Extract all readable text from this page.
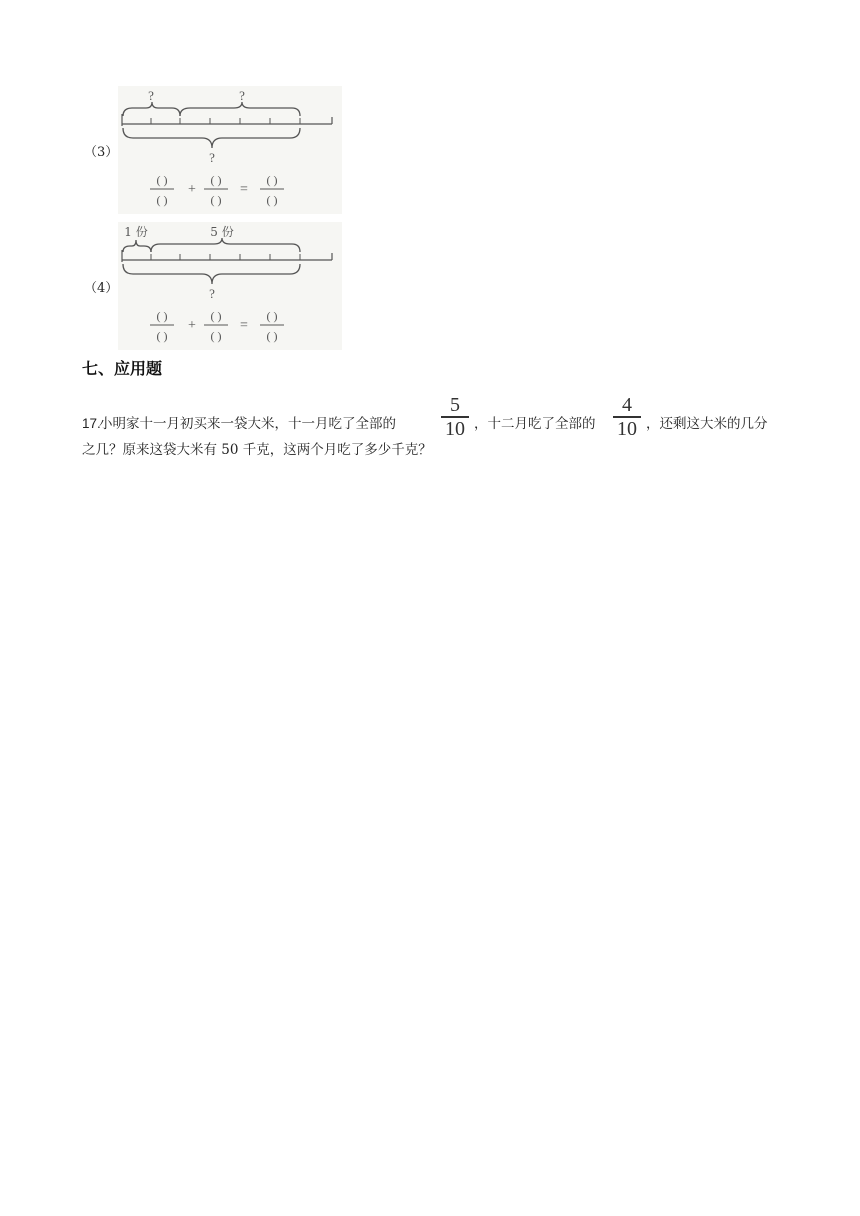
（3）
?	?
?
( )
( )
+
( )
( )
=
( )
( )
（4）
1 份	5 份
?
( )
( )
+
( )
( )
=
( )
( )
七、应用题
17.
小明家十一月初买来一袋大米，十一月吃了全部的
5
10 ，十二月吃了全部的
4
10 ，还剩这大米的几分
之几？原来这袋大米有 50 千克，这两个月吃了多少千克？
